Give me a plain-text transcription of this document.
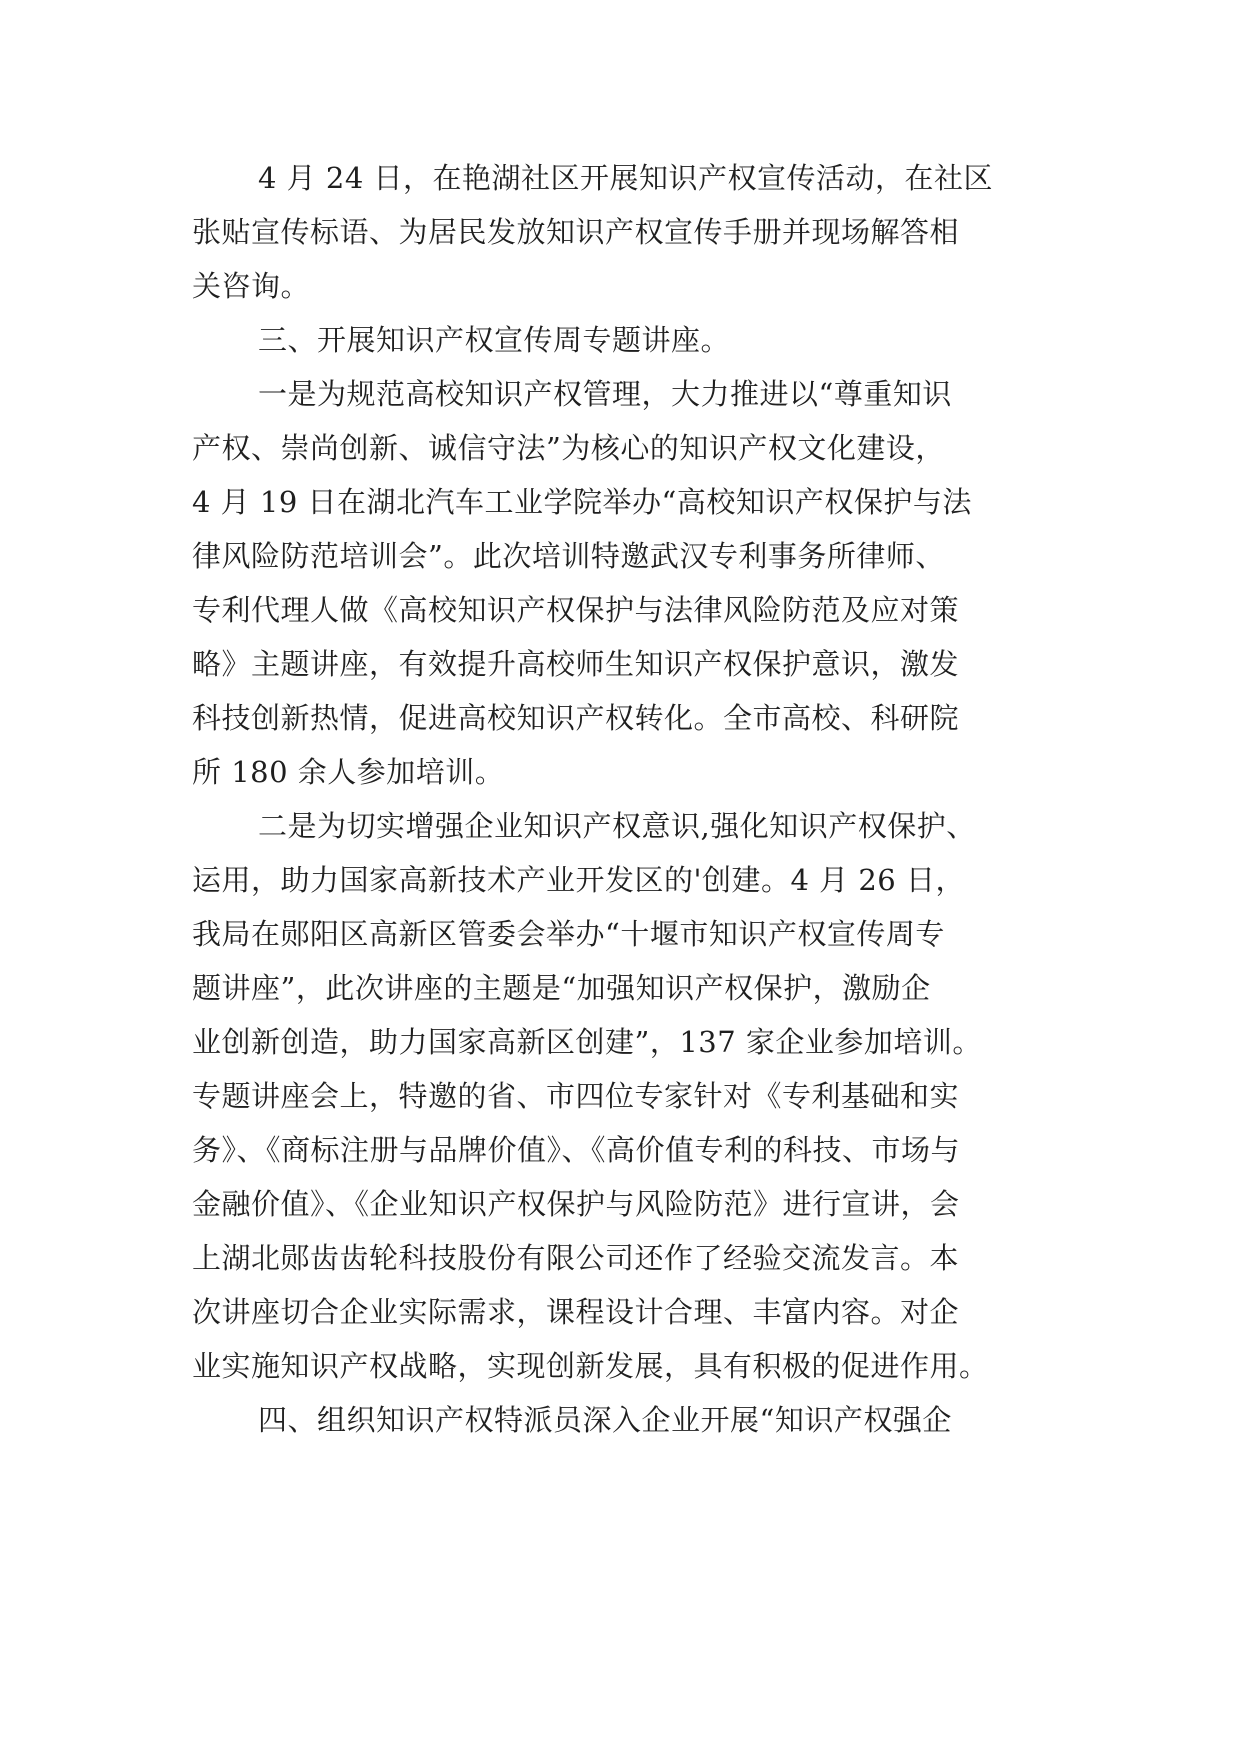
4 月 24 日，在艳湖社区开展知识产权宣传活动，在社区

张贴宣传标语、为居民发放知识产权宣传手册并现场解答相

关咨询。

三、开展知识产权宣传周专题讲座。

一是为规范高校知识产权管理，大力推进以“尊重知识

产权、崇尚创新、诚信守法”为核心的知识产权文化建设，

4 月 19 日在湖北汽车工业学院举办“高校知识产权保护与法

律风险防范培训会”。此次培训特邀武汉专利事务所律师、

专利代理人做《高校知识产权保护与法律风险防范及应对策

略》主题讲座，有效提升高校师生知识产权保护意识，激发

科技创新热情，促进高校知识产权转化。全市高校、科研院

所 180 余人参加培训。

二是为切实增强企业知识产权意识,强化知识产权保护、

运用，助力国家高新技术产业开发区的'创建。4 月 26 日，

我局在郧阳区高新区管委会举办“十堰市知识产权宣传周专

题讲座”，此次讲座的主题是“加强知识产权保护，激励企

业创新创造，助力国家高新区创建”，137 家企业参加培训。

专题讲座会上，特邀的省、市四位专家针对《专利基础和实

务》、《商标注册与品牌价值》、《高价值专利的科技、市场与

金融价值》、《企业知识产权保护与风险防范》进行宣讲，会

上湖北郧齿齿轮科技股份有限公司还作了经验交流发言。本

次讲座切合企业实际需求，课程设计合理、丰富内容。对企

业实施知识产权战略，实现创新发展，具有积极的促进作用。

四、组织知识产权特派员深入企业开展“知识产权强企
